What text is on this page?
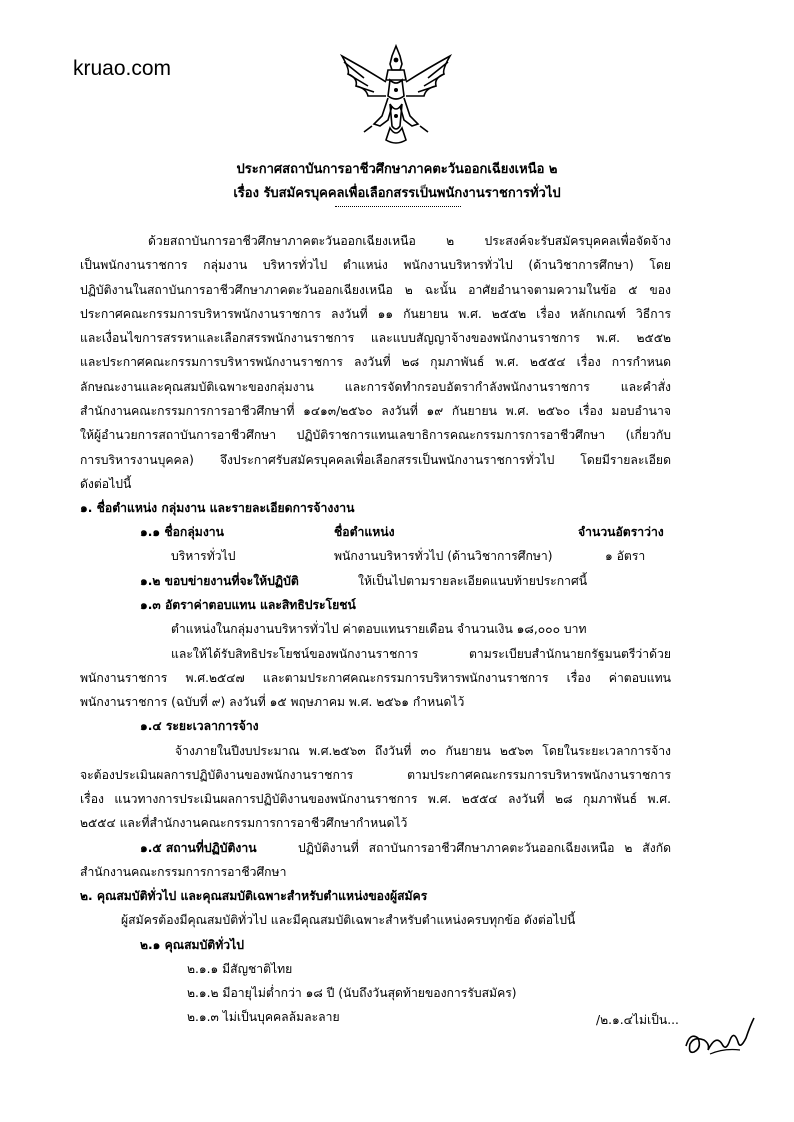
kruao.com
ประกาศสถาบันการอาชีวศึกษาภาคตะวันออกเฉียงเหนือ ๒
เรื่อง รับสมัครบุคคลเพื่อเลือกสรรเป็นพนักงานราชการทั่วไป
ด้วยสถาบันการอาชีวศึกษาภาคตะวันออกเฉียงเหนือ ๒ ประสงค์จะรับสมัครบุคคลเพื่อจัดจ้าง
เป็นพนักงานราชการ กลุ่มงาน บริหารทั่วไป ตำแหน่ง พนักงานบริหารทั่วไป (ด้านวิชาการศึกษา) โดย
ปฏิบัติงานในสถาบันการอาชีวศึกษาภาคตะวันออกเฉียงเหนือ ๒ ฉะนั้น อาศัยอำนาจตามความในข้อ ๕ ของ
ประกาศคณะกรรมการบริหารพนักงานราชการ ลงวันที่ ๑๑ กันยายน พ.ศ. ๒๕๕๒ เรื่อง หลักเกณฑ์ วิธีการ
และเงื่อนไขการสรรหาและเลือกสรรพนักงานราชการ และแบบสัญญาจ้างของพนักงานราชการ พ.ศ. ๒๕๕๒
และประกาศคณะกรรมการบริหารพนักงานราชการ ลงวันที่ ๒๘ กุมภาพันธ์ พ.ศ. ๒๕๕๔ เรื่อง การกำหนด
ลักษณะงานและคุณสมบัติเฉพาะของกลุ่มงาน และการจัดทำกรอบอัตรากำลังพนักงานราชการ และคำสั่ง
สำนักงานคณะกรรมการการอาชีวศึกษาที่ ๑๔๑๓/๒๕๖๐ ลงวันที่ ๑๙ กันยายน พ.ศ. ๒๕๖๐ เรื่อง มอบอำนาจ
ให้ผู้อำนวยการสถาบันการอาชีวศึกษา ปฏิบัติราชการแทนเลขาธิการคณะกรรมการการอาชีวศึกษา (เกี่ยวกับ
การบริหารงานบุคคล) จึงประกาศรับสมัครบุคคลเพื่อเลือกสรรเป็นพนักงานราชการทั่วไป โดยมีรายละเอียด
ดังต่อไปนี้
๑. ชื่อตำแหน่ง กลุ่มงาน และรายละเอียดการจ้างงาน
๑.๑ ชื่อกลุ่มงาน	ชื่อตำแหน่ง	จำนวนอัตราว่าง
บริหารทั่วไป	พนักงานบริหารทั่วไป (ด้านวิชาการศึกษา)	๑ อัตรา
๑.๒ ขอบข่ายงานที่จะให้ปฏิบัติ	ให้เป็นไปตามรายละเอียดแนบท้ายประกาศนี้
๑.๓ อัตราค่าตอบแทน และสิทธิประโยชน์
ตำแหน่งในกลุ่มงานบริหารทั่วไป ค่าตอบแทนรายเดือน จำนวนเงิน ๑๘,๐๐๐ บาท
และให้ได้รับสิทธิประโยชน์ของพนักงานราชการ ตามระเบียบสำนักนายกรัฐมนตรีว่าด้วย
พนักงานราชการ พ.ศ.๒๕๔๗ และตามประกาศคณะกรรมการบริหารพนักงานราชการ เรื่อง ค่าตอบแทน
พนักงานราชการ (ฉบับที่ ๙) ลงวันที่ ๑๕ พฤษภาคม พ.ศ. ๒๕๖๑ กำหนดไว้
๑.๔ ระยะเวลาการจ้าง
จ้างภายในปีงบประมาณ พ.ศ.๒๕๖๓ ถึงวันที่ ๓๐ กันยายน ๒๕๖๓ โดยในระยะเวลาการจ้าง
จะต้องประเมินผลการปฏิบัติงานของพนักงานราชการ ตามประกาศคณะกรรมการบริหารพนักงานราชการ
เรื่อง แนวทางการประเมินผลการปฏิบัติงานของพนักงานราชการ พ.ศ. ๒๕๕๔ ลงวันที่ ๒๘ กุมภาพันธ์ พ.ศ.
๒๕๕๔ และที่สำนักงานคณะกรรมการการอาชีวศึกษากำหนดไว้
๑.๕ สถานที่ปฏิบัติงาน	ปฏิบัติงานที่ สถาบันการอาชีวศึกษาภาคตะวันออกเฉียงเหนือ ๒ สังกัด
สำนักงานคณะกรรมการการอาชีวศึกษา
๒. คุณสมบัติทั่วไป และคุณสมบัติเฉพาะสำหรับตำแหน่งของผู้สมัคร
ผู้สมัครต้องมีคุณสมบัติทั่วไป และมีคุณสมบัติเฉพาะสำหรับตำแหน่งครบทุกข้อ ดังต่อไปนี้
๒.๑ คุณสมบัติทั่วไป
๒.๑.๑ มีสัญชาติไทย
๒.๑.๒ มีอายุไม่ต่ำกว่า ๑๘ ปี (นับถึงวันสุดท้ายของการรับสมัคร)
๒.๑.๓ ไม่เป็นบุคคลล้มละลาย	/๒.๑.๔ไม่เป็น...
